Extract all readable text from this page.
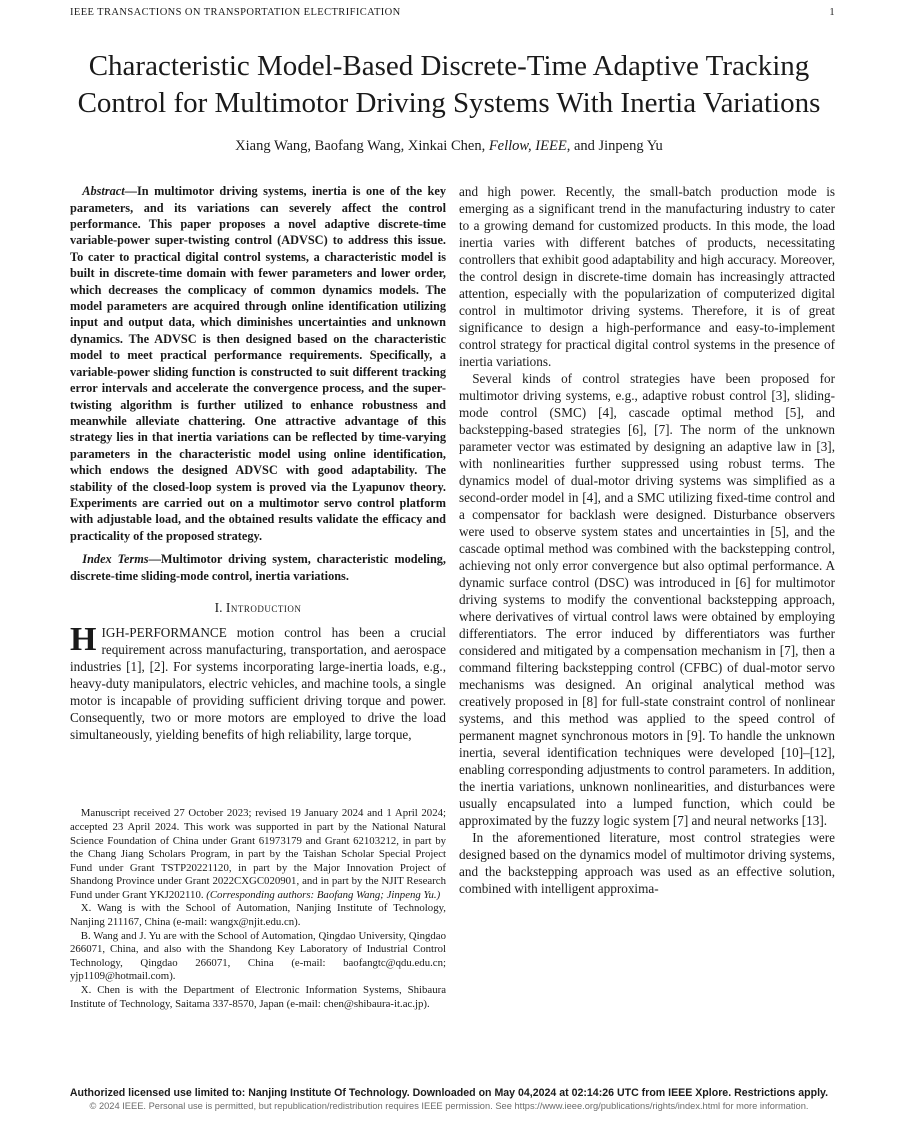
IEEE TRANSACTIONS ON TRANSPORTATION ELECTRIFICATION	1
Characteristic Model-Based Discrete-Time Adaptive Tracking Control for Multimotor Driving Systems With Inertia Variations
Xiang Wang, Baofang Wang, Xinkai Chen, Fellow, IEEE, and Jinpeng Yu

Abstract—In multimotor driving systems, inertia is one of the key parameters, and its variations can severely affect the control performance. This paper proposes a novel adaptive discrete-time variable-power super-twisting control (ADVSC) to address this issue. To cater to practical digital control systems, a characteristic model is built in discrete-time domain with fewer parameters and lower order, which decreases the complicacy of common dynamics models. The model parameters are acquired through online identification utilizing input and output data, which diminishes uncertainties and unknown dynamics. The ADVSC is then designed based on the characteristic model to meet practical performance requirements. Specifically, a variable-power sliding function is constructed to suit different tracking error intervals and accelerate the convergence process, and the super-twisting algorithm is further utilized to enhance robustness and meanwhile alleviate chattering. One attractive advantage of this strategy lies in that inertia variations can be reflected by time-varying parameters in the characteristic model using online identification, which endows the designed ADVSC with good adaptability. The stability of the closed-loop system is proved via the Lyapunov theory. Experiments are carried out on a multimotor servo control platform with adjustable load, and the obtained results validate the efficacy and practicality of the proposed strategy.

Index Terms—Multimotor driving system, characteristic modeling, discrete-time sliding-mode control, inertia variations.

I. Introduction

HIGH-PERFORMANCE motion control has been a crucial requirement across manufacturing, transportation, and aerospace industries [1], [2]. For systems incorporating large-inertia loads, e.g., heavy-duty manipulators, electric vehicles, and machine tools, a single motor is incapable of providing sufficient driving torque and power. Consequently, two or more motors are employed to drive the load simultaneously, yielding benefits of high reliability, large torque,

Manuscript received 27 October 2023; revised 19 January 2024 and 1 April 2024; accepted 23 April 2024. This work was supported in part by the National Natural Science Foundation of China under Grant 61973179 and Grant 62103212, in part by the Chang Jiang Scholars Program, in part by the Taishan Scholar Special Project Fund under Grant TSTP20221120, in part by the Major Innovation Project of Shandong Province under Grant 2022CXGC020901, and in part by the NJIT Research Fund under Grant YKJ202110. (Corresponding authors: Baofang Wang; Jinpeng Yu.)

X. Wang is with the School of Automation, Nanjing Institute of Technology, Nanjing 211167, China (e-mail: wangx@njit.edu.cn).

B. Wang and J. Yu are with the School of Automation, Qingdao University, Qingdao 266071, China, and also with the Shandong Key Laboratory of Industrial Control Technology, Qingdao 266071, China (e-mail: baofangtc@qdu.edu.cn; yjp1109@hotmail.com).

X. Chen is with the Department of Electronic Information Systems, Shibaura Institute of Technology, Saitama 337-8570, Japan (e-mail: chen@shibaura-it.ac.jp).

and high power. Recently, the small-batch production mode is emerging as a significant trend in the manufacturing industry to cater to a growing demand for customized products. In this mode, the load inertia varies with different batches of products, necessitating controllers that exhibit good adaptability and high accuracy. Moreover, the control design in discrete-time domain has increasingly attracted attention, especially with the popularization of computerized digital control in multimotor driving systems. Therefore, it is of great significance to design a high-performance and easy-to-implement control strategy for practical digital control systems in the presence of inertia variations.

Several kinds of control strategies have been proposed for multimotor driving systems, e.g., adaptive robust control [3], sliding-mode control (SMC) [4], cascade optimal method [5], and backstepping-based strategies [6], [7]. The norm of the unknown parameter vector was estimated by designing an adaptive law in [3], with nonlinearities further suppressed using robust terms. The dynamics model of dual-motor driving systems was simplified as a second-order model in [4], and a SMC utilizing fixed-time control and a compensator for backlash were designed. Disturbance observers were used to observe system states and uncertainties in [5], and the cascade optimal method was combined with the backstepping control, achieving not only error convergence but also optimal performance. A dynamic surface control (DSC) was introduced in [6] for multimotor driving systems to modify the conventional backstepping approach, where derivatives of virtual control laws were obtained by employing differentiators. The error induced by differentiators was further considered and mitigated by a compensation mechanism in [7], then a command filtering backstepping control (CFBC) of dual-motor servo mechanisms was designed. An original analytical method was creatively proposed in [8] for full-state constraint control of nonlinear systems, and this method was applied to the speed control of permanent magnet synchronous motors in [9]. To handle the unknown inertia, several identification techniques were developed [10]–[12], enabling corresponding adjustments to control parameters. In addition, the inertia variations, unknown nonlinearities, and disturbances were usually encapsulated into a lumped function, which could be approximated by the fuzzy logic system [7] and neural networks [13].

In the aforementioned literature, most control strategies were designed based on the dynamics model of multimotor driving systems, and the backstepping approach was used as an effective solution, combined with intelligent approxima-

Authorized licensed use limited to: Nanjing Institute Of Technology. Downloaded on May 04,2024 at 02:14:26 UTC from IEEE Xplore. Restrictions apply.
© 2024 IEEE. Personal use is permitted, but republication/redistribution requires IEEE permission. See https://www.ieee.org/publications/rights/index.html for more information.
